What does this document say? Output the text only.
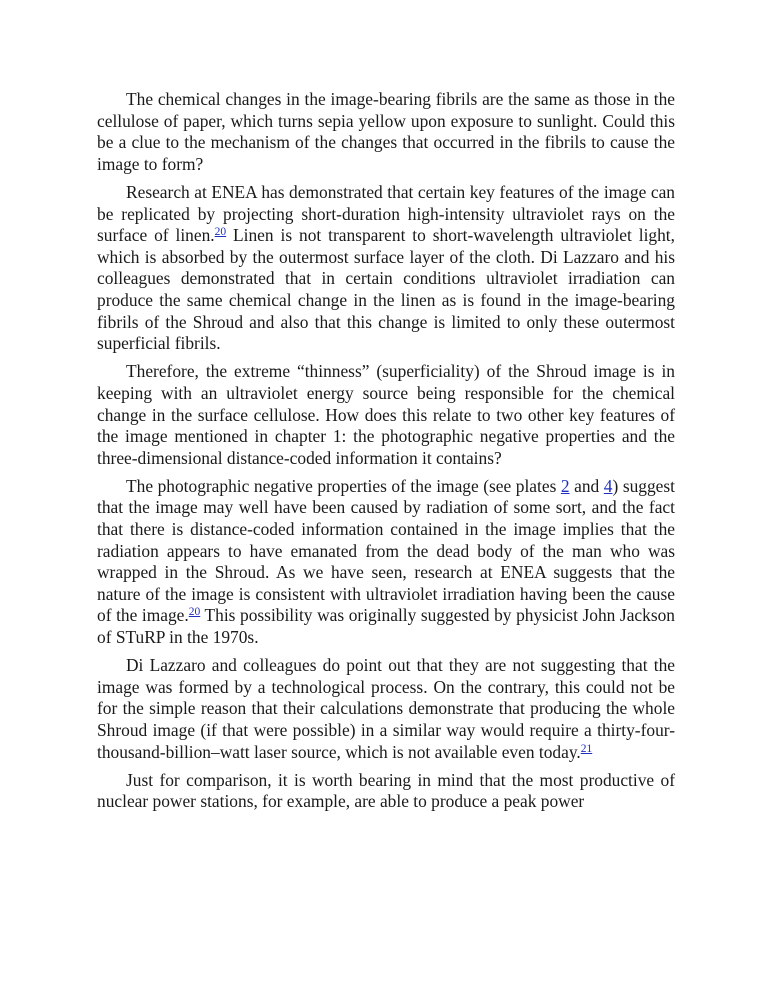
The chemical changes in the image-bearing fibrils are the same as those in the cellulose of paper, which turns sepia yellow upon exposure to sunlight. Could this be a clue to the mechanism of the changes that occurred in the fibrils to cause the image to form?

Research at ENEA has demonstrated that certain key features of the image can be replicated by projecting short-duration high-intensity ultraviolet rays on the surface of linen.$^{20}$ Linen is not transparent to short-wavelength ultraviolet light, which is absorbed by the outermost surface layer of the cloth. Di Lazzaro and his colleagues demonstrated that in certain conditions ultraviolet irradiation can produce the same chemical change in the linen as is found in the image-bearing fibrils of the Shroud and also that this change is limited to only these outermost superficial fibrils.

Therefore, the extreme “thinness” (superficiality) of the Shroud image is in keeping with an ultraviolet energy source being responsible for the chemical change in the surface cellulose. How does this relate to two other key features of the image mentioned in chapter 1: the photographic negative properties and the three-dimensional distance-coded information it contains?

The photographic negative properties of the image (see plates 2 and 4) suggest that the image may well have been caused by radiation of some sort, and the fact that there is distance-coded information contained in the image implies that the radiation appears to have emanated from the dead body of the man who was wrapped in the Shroud. As we have seen, research at ENEA suggests that the nature of the image is consistent with ultraviolet irradiation having been the cause of the image.$^{20}$ This possibility was originally suggested by physicist John Jackson of STuRP in the 1970s.

Di Lazzaro and colleagues do point out that they are not suggesting that the image was formed by a technological process. On the contrary, this could not be for the simple reason that their calculations demonstrate that producing the whole Shroud image (if that were possible) in a similar way would require a thirty-four-thousand-billion–watt laser source, which is not available even today.$^{21}$

Just for comparison, it is worth bearing in mind that the most productive of nuclear power stations, for example, are able to produce a peak power
